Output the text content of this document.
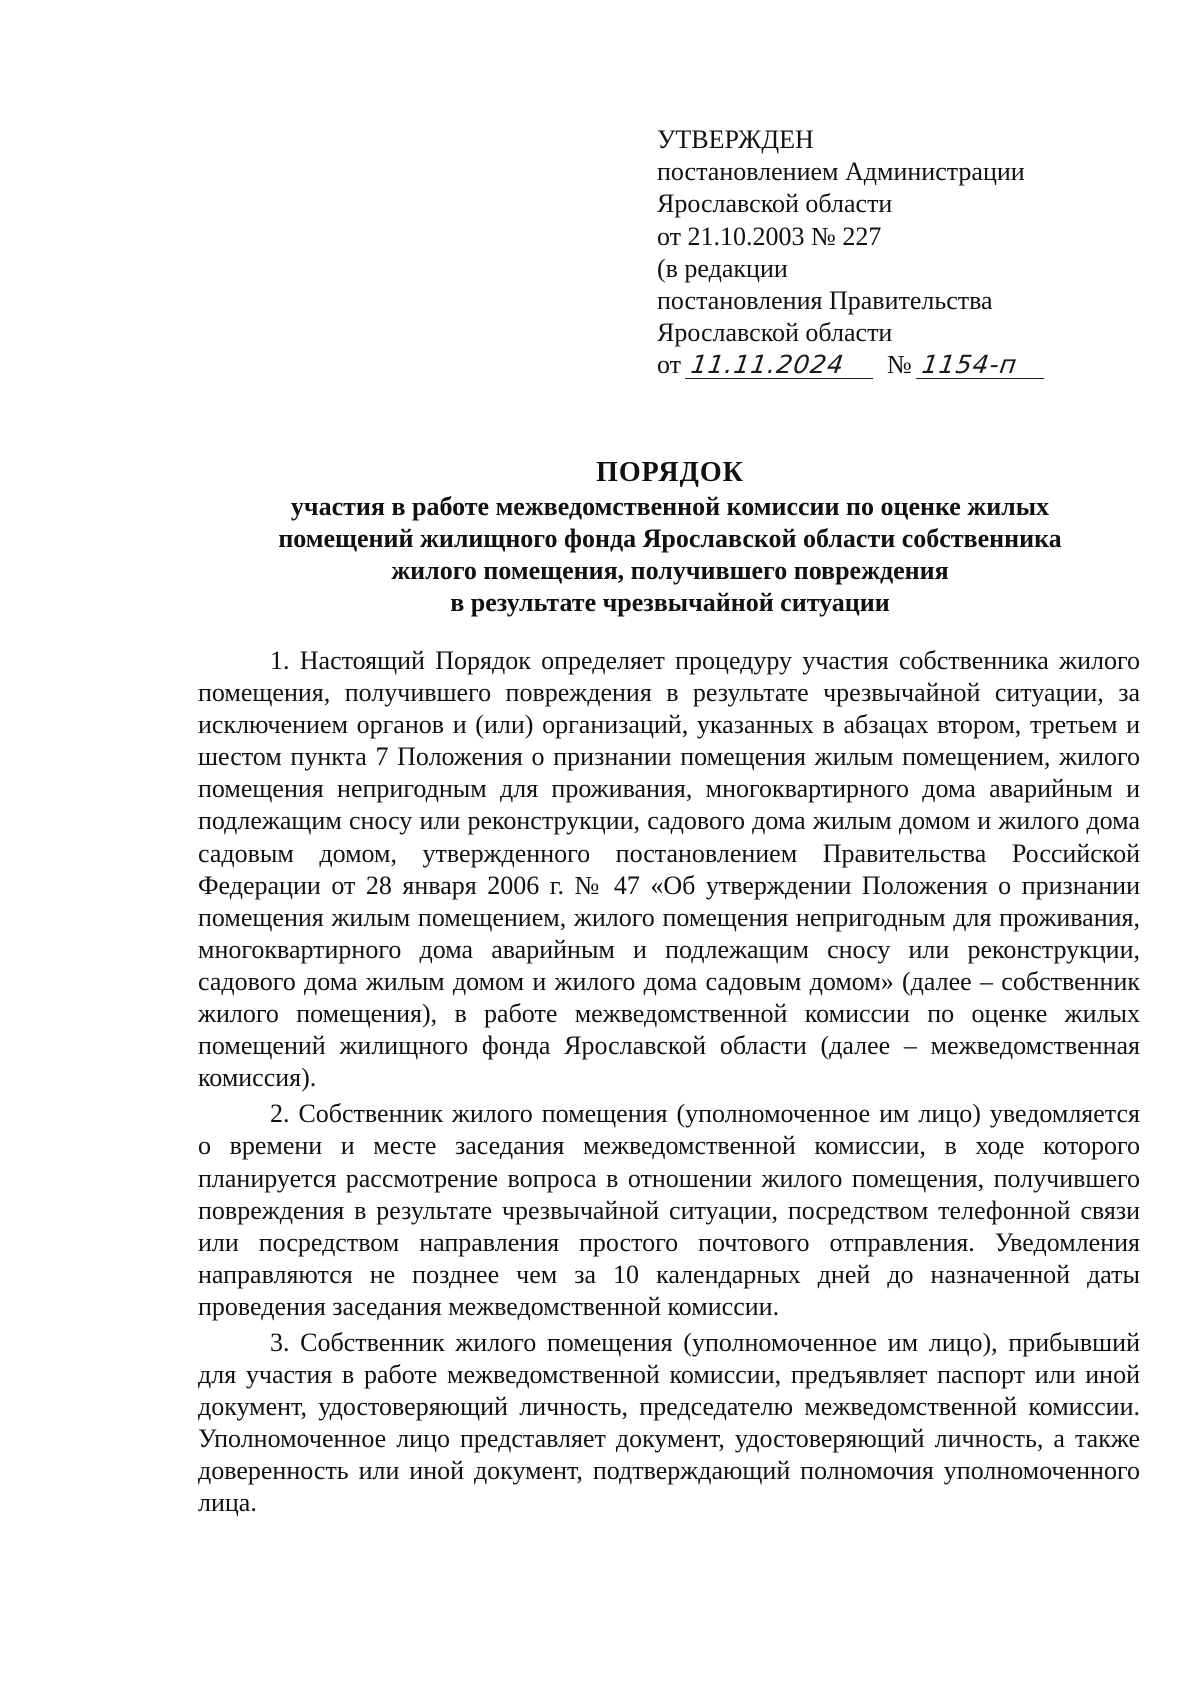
УТВЕРЖДЕН
постановлением Администрации
Ярославской области
от 21.10.2003 № 227
(в редакции
постановления Правительства
Ярославской области
от 11.11.2024 № 1154-п
ПОРЯДОК
участия в работе межведомственной комиссии по оценке жилых
помещений жилищного фонда Ярославской области собственника
жилого помещения, получившего повреждения
в результате чрезвычайной ситуации

1. Настоящий Порядок определяет процедуру участия собственника жилого помещения, получившего повреждения в результате чрезвычайной ситуации, за исключением органов и (или) организаций, указанных в абзацах втором, третьем и шестом пункта 7 Положения о признании помещения жилым помещением, жилого помещения непригодным для проживания, многоквартирного дома аварийным и подлежащим сносу или реконструкции, садового дома жилым домом и жилого дома садовым домом, утвержденного постановлением Правительства Российской Федерации от 28 января 2006 г. № 47 «Об утверждении Положения о признании помещения жилым помещением, жилого помещения непригодным для проживания, многоквартирного дома аварийным и подлежащим сносу или реконструкции, садового дома жилым домом и жилого дома садовым домом» (далее – собственник жилого помещения), в работе межведомственной комиссии по оценке жилых помещений жилищного фонда Ярославской области (далее – межведомственная комиссия).

2. Собственник жилого помещения (уполномоченное им лицо) уведомляется о времени и месте заседания межведомственной комиссии, в ходе которого планируется рассмотрение вопроса в отношении жилого помещения, получившего повреждения в результате чрезвычайной ситуации, посредством телефонной связи или посредством направления простого почтового отправления. Уведомления направляются не позднее чем за 10 календарных дней до назначенной даты проведения заседания межведомственной комиссии.

3. Собственник жилого помещения (уполномоченное им лицо), прибывший для участия в работе межведомственной комиссии, предъявляет паспорт или иной документ, удостоверяющий личность, председателю межведомственной комиссии. Уполномоченное лицо представляет документ, удостоверяющий личность, а также доверенность или иной документ, подтверждающий полномочия уполномоченного лица.
